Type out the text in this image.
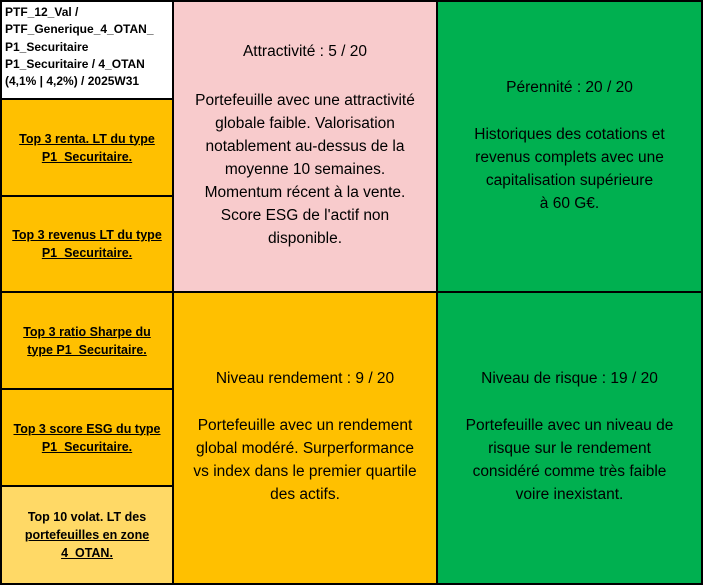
PTF_12_Val /
PTF_Generique_4_OTAN_
P1_Securitaire
P1_Securitaire / 4_OTAN
(4,1% | 4,2%) / 2025W31
Top 3 renta. LT du type
P1_Securitaire.
Top 3 revenus LT du type
P1_Securitaire.
Top 3 ratio Sharpe du
type P1_Securitaire.
Top 3 score ESG du type
P1_Securitaire.
Top 10 volat. LT des
portefeuilles en zone
4_OTAN.
Attractivité : 5 / 20
Portefeuille avec une attractivité
globale faible. Valorisation
notablement au-dessus de la
moyenne 10 semaines.
Momentum récent à la vente.
Score ESG de l'actif non
disponible.
Pérennité : 20 / 20
Historiques des cotations et
revenus complets avec une
capitalisation supérieure
à 60 G€.
Niveau rendement : 9 / 20
Portefeuille avec un rendement
global modéré. Surperformance
vs index dans le premier quartile
des actifs.
Niveau de risque : 19 / 20
Portefeuille avec un niveau de
risque sur le rendement
considéré comme très faible
voire inexistant.
